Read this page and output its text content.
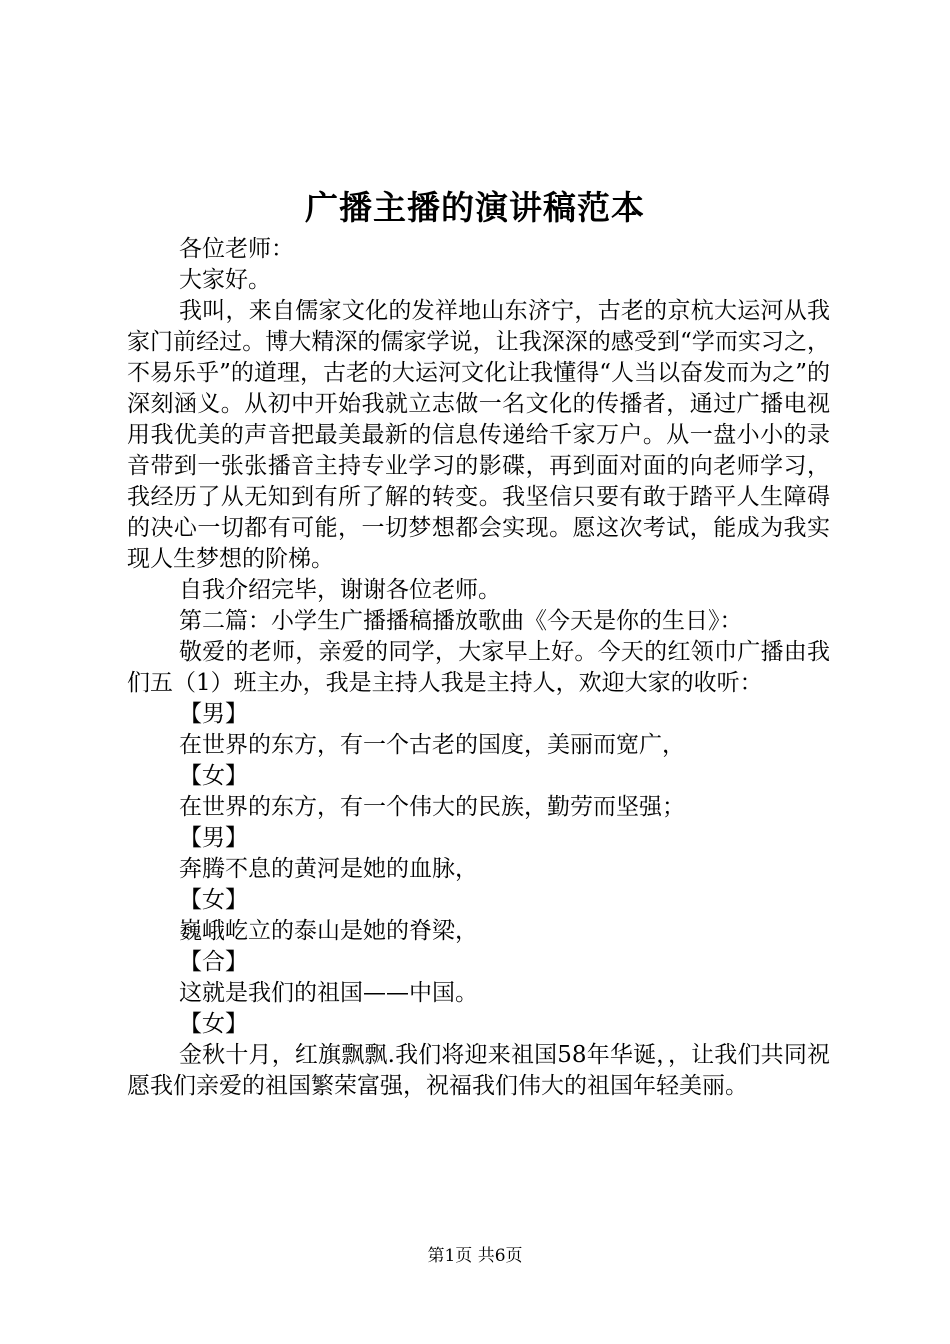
广播主播的演讲稿范本

各位老师：

大家好。

我叫，来自儒家文化的发祥地山东济宁，古老的京杭大运河从我家门前经过。博大精深的儒家学说，让我深深的感受到“学而实习之，不易乐乎”的道理，古老的大运河文化让我懂得“人当以奋发而为之”的深刻涵义。从初中开始我就立志做一名文化的传播者，通过广播电视用我优美的声音把最美最新的信息传递给千家万户。从一盘小小的录音带到一张张播音主持专业学习的影碟，再到面对面的向老师学习，我经历了从无知到有所了解的转变。我坚信只要有敢于踏平人生障碍的决心一切都有可能，一切梦想都会实现。愿这次考试，能成为我实现人生梦想的阶梯。

自我介绍完毕，谢谢各位老师。

第二篇：小学生广播播稿播放歌曲《今天是你的生日》：

敬爱的老师，亲爱的同学，大家早上好。今天的红领巾广播由我们五（1）班主办，我是主持人我是主持人，欢迎大家的收听：

【男】

在世界的东方，有一个古老的国度，美丽而宽广，

【女】

在世界的东方，有一个伟大的民族，勤劳而坚强；

【男】

奔腾不息的黄河是她的血脉，

【女】

巍峨屹立的泰山是她的脊梁，

【合】

这就是我们的祖国——中国。

【女】

金秋十月，红旗飘飘.我们将迎来祖国58年华诞，，让我们共同祝愿我们亲爱的祖国繁荣富强，祝福我们伟大的祖国年轻美丽。

第1页 共6页
